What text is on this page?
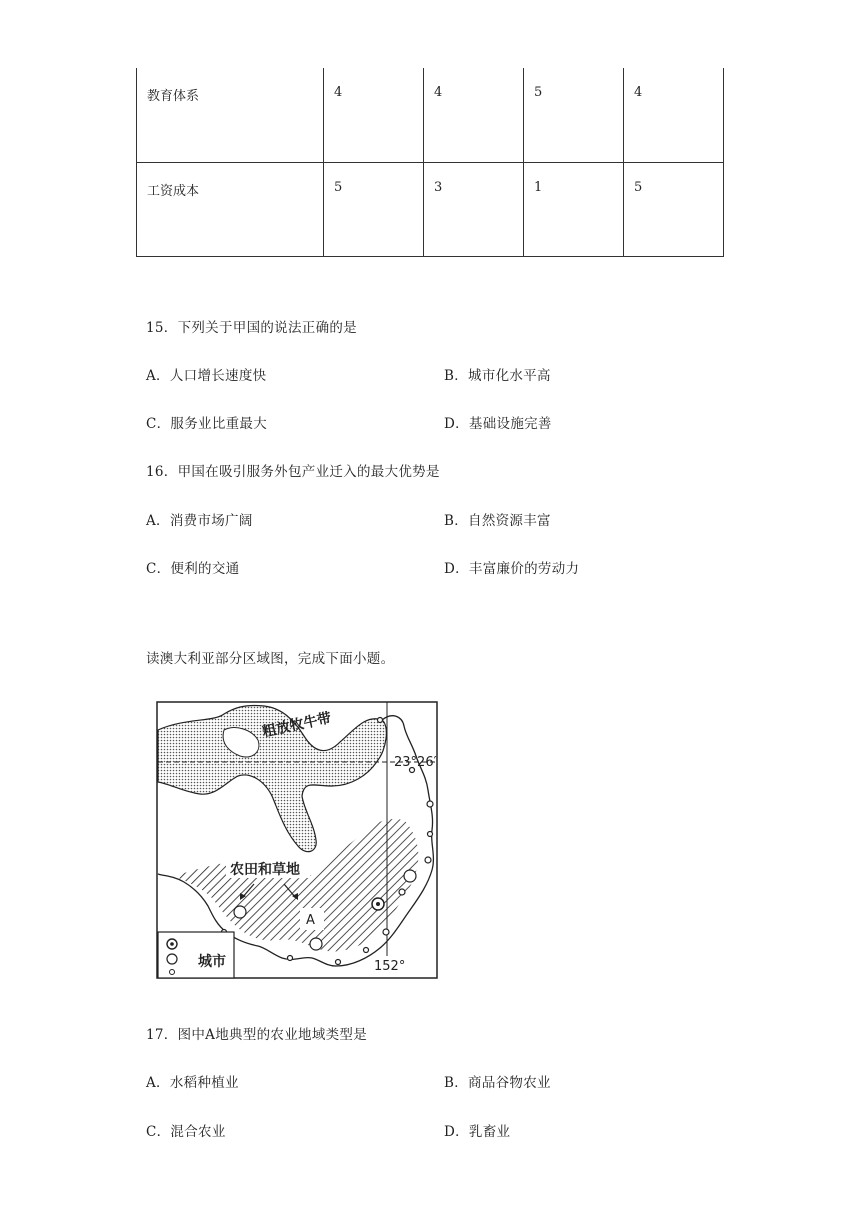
教育体系	4	4	5	4
工资成本	5	3	1	5
15．下列关于甲国的说法正确的是
A．人口增长速度快	B．城市化水平高
C．服务业比重最大	D．基础设施完善
16．甲国在吸引服务外包产业迁入的最大优势是
A．消费市场广阔	B．自然资源丰富
C．便利的交通	D．丰富廉价的劳动力
读澳大利亚部分区域图，完成下面小题。
城市
粗放牧牛带
农田和草地
A
23°26′
152°
17．图中A地典型的农业地域类型是
A．水稻种植业	B．商品谷物农业
C．混合农业	D．乳畜业
